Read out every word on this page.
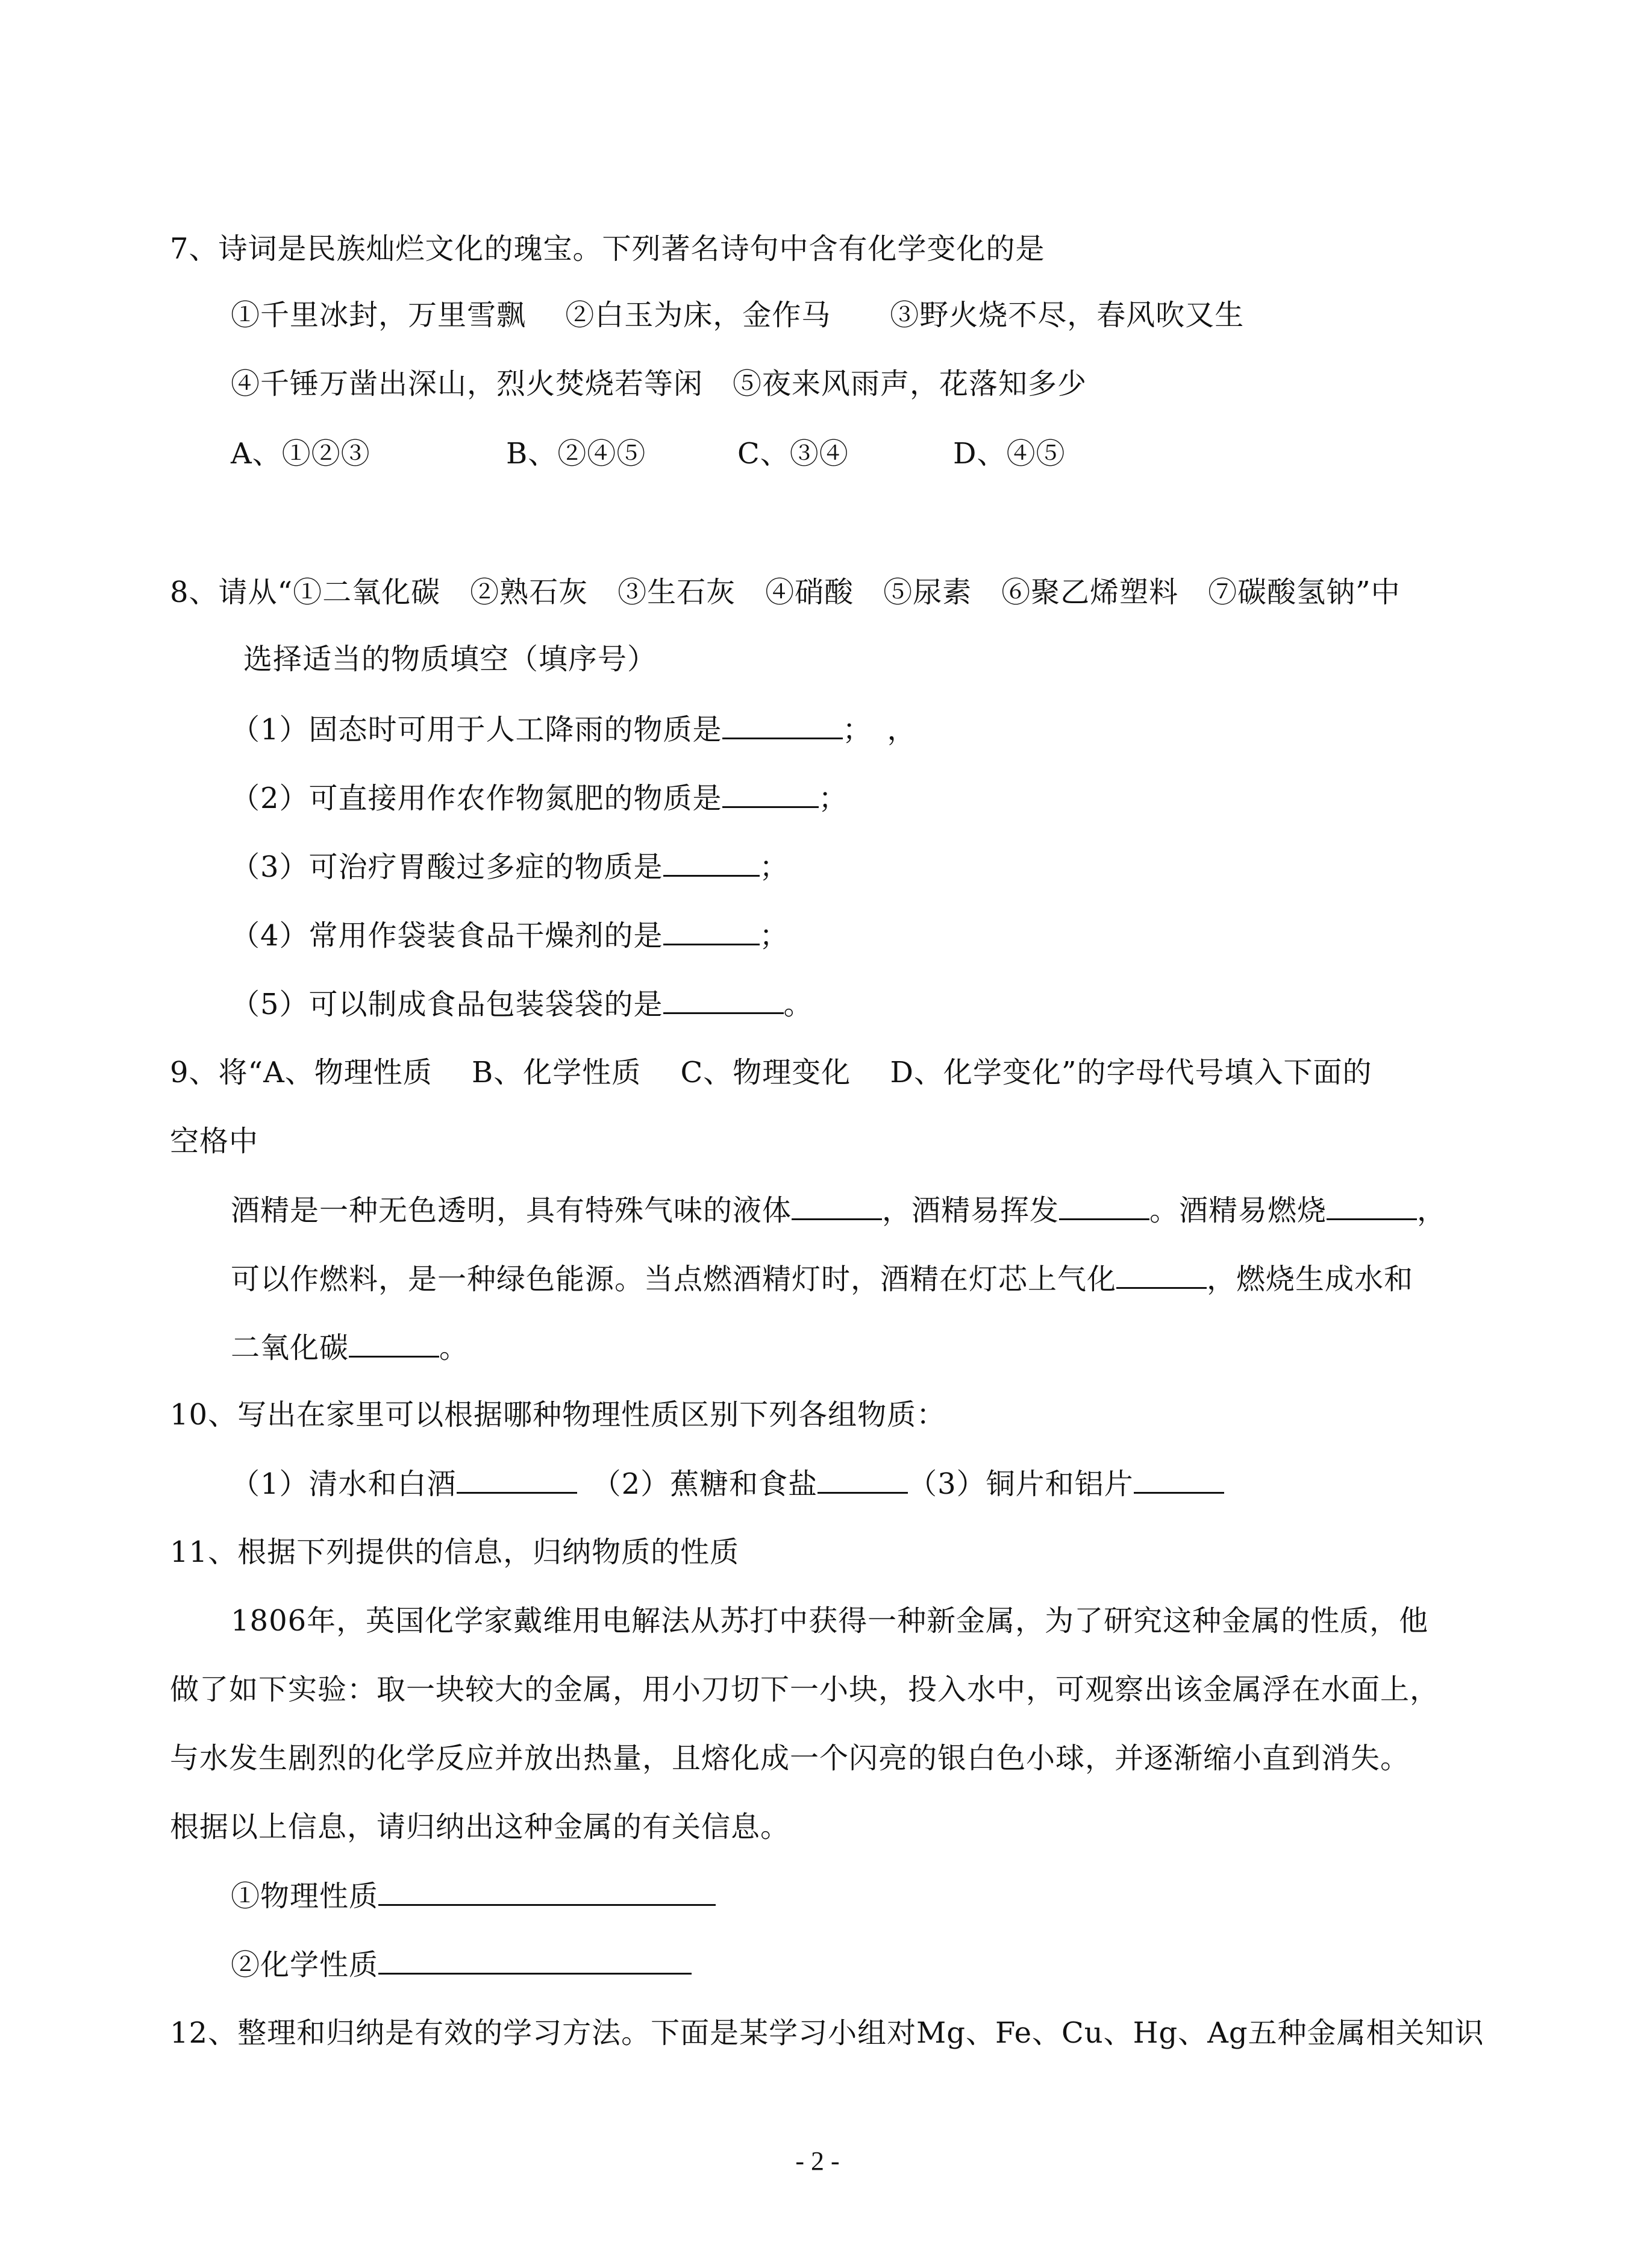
7、诗词是民族灿烂文化的瑰宝。下列著名诗句中含有化学变化的是

①千里冰封，万里雪飘　 ②白玉为床，金作马　　③野火烧不尽，春风吹又生

④千锤万凿出深山，烈火焚烧若等闲　⑤夜来风雨声，花落知多少

A、①②③	B、②④⑤	C、③④	D、④⑤

8、请从“①二氧化碳　②熟石灰　③生石灰　④硝酸　⑤尿素　⑥聚乙烯塑料　⑦碳酸氢钠”中

选择适当的物质填空（填序号）

（1）固态时可用于人工降雨的物质是	；　，

（2）可直接用作农作物氮肥的物质是	；

（3）可治疗胃酸过多症的物质是	；

（4）常用作袋装食品干燥剂的是	；

（5）可以制成食品包装袋袋的是	。

9、将“A、物理性质　 B、化学性质　 C、物理变化　 D、化学变化”的字母代号填入下面的

空格中

酒精是一种无色透明，具有特殊气味的液体	，酒精易挥发	。酒精易燃烧	，

可以作燃料，是一种绿色能源。当点燃酒精灯时，酒精在灯芯上气化	，燃烧生成水和

二氧化碳	。

10、写出在家里可以根据哪种物理性质区别下列各组物质：

（1）清水和白酒　	（2）蕉糖和食盐	（3）铜片和铝片

11、根据下列提供的信息，归纳物质的性质

1806年，英国化学家戴维用电解法从苏打中获得一种新金属，为了研究这种金属的性质，他

做了如下实验：取一块较大的金属，用小刀切下一小块，投入水中，可观察出该金属浮在水面上，

与水发生剧烈的化学反应并放出热量，且熔化成一个闪亮的银白色小球，并逐渐缩小直到消失。

根据以上信息，请归纳出这种金属的有关信息。

①物理性质

②化学性质

12、整理和归纳是有效的学习方法。下面是某学习小组对Mg、Fe、Cu、Hg、Ag五种金属相关知识

- 2 -
